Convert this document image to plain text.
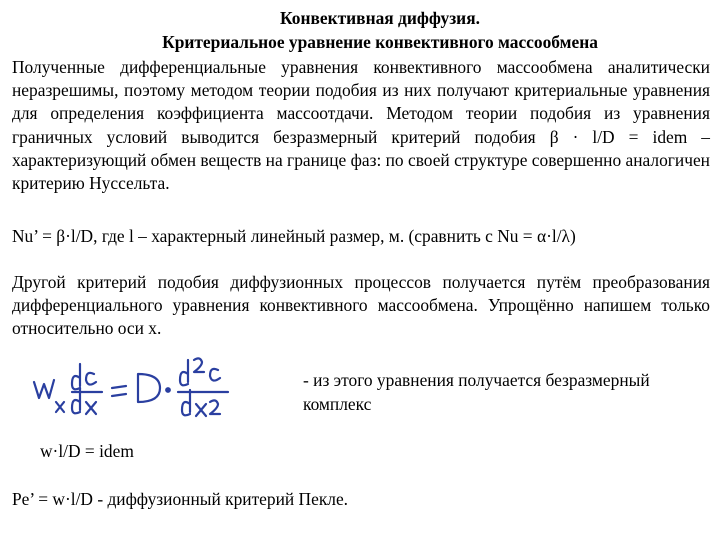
Конвективная диффузия.
Критериальное уравнение конвективного массообмена
Полученные дифференциальные уравнения конвективного массообмена аналитически неразрешимы, поэтому методом теории подобия из них получают критериальные уравнения для определения коэффициента массоотдачи. Методом теории подобия из уравнения граничных условий выводится безразмерный критерий подобия β · l/D = idem – характеризующий обмен веществ на границе фаз: по своей структуре совершенно аналогичен критерию Нуссельта.
Nu’ = β·l/D, где l – характерный линейный размер, м. (сравнить с Nu = α·l/λ)
Другой критерий подобия диффузионных процессов получается путём преобразования дифференциального уравнения конвективного массообмена. Упрощённо напишем только относительно оси x.
- из этого уравнения получается безразмерный комплекс
w·l/D = idem
Pe’ = w·l/D - диффузионный критерий Пекле.
